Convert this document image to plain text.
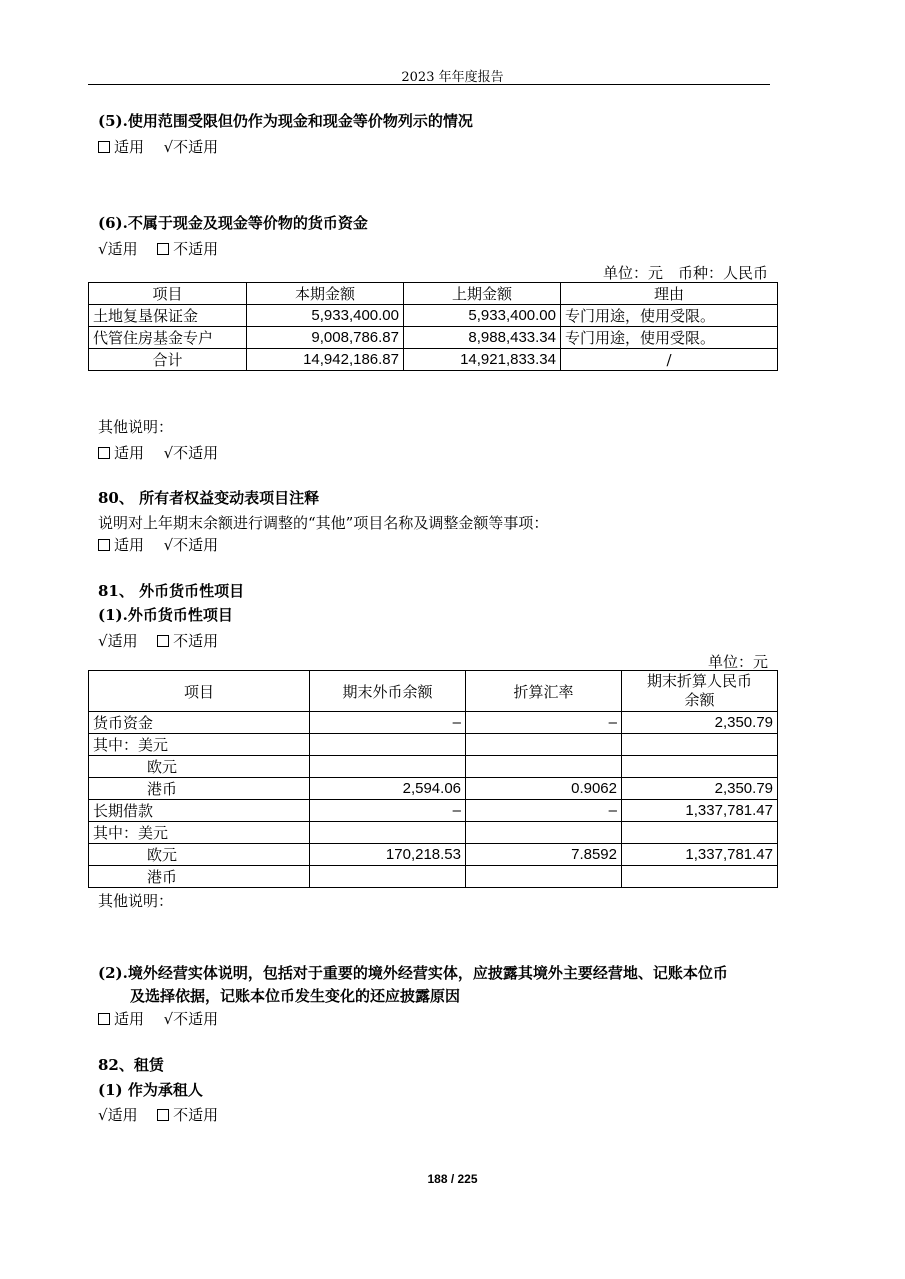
2023 年年度报告
(5).使用范围受限但仍作为现金和现金等价物列示的情况
适用 √不适用
(6).不属于现金及现金等价物的货币资金
√适用 不适用
单位：元　币种：人民币
项目	本期金额	上期金额	理由
土地复垦保证金	5,933,400.00	5,933,400.00	专门用途，使用受限。
代管住房基金专户	9,008,786.87	8,988,433.34	专门用途，使用受限。
合计	14,942,186.87	14,921,833.34	/
其他说明：
适用 √不适用
80、 所有者权益变动表项目注释
说明对上年期末余额进行调整的“其他”项目名称及调整金额等事项：
适用 √不适用
81、 外币货币性项目
(1).外币货币性项目
√适用 不适用
单位：元
项目	期末外币余额	折算汇率	期末折算人民币
余额
货币资金	–	–	2,350.79
其中：美元			
欧元			
港币	2,594.06	0.9062	2,350.79
长期借款	–	–	1,337,781.47
其中：美元			
欧元	170,218.53	7.8592	1,337,781.47
港币			
其他说明：
(2).境外经营实体说明，包括对于重要的境外经营实体，应披露其境外主要经营地、记账本位币
及选择依据，记账本位币发生变化的还应披露原因
适用 √不适用
82、租赁
(1) 作为承租人
√适用 不适用
188 / 225
